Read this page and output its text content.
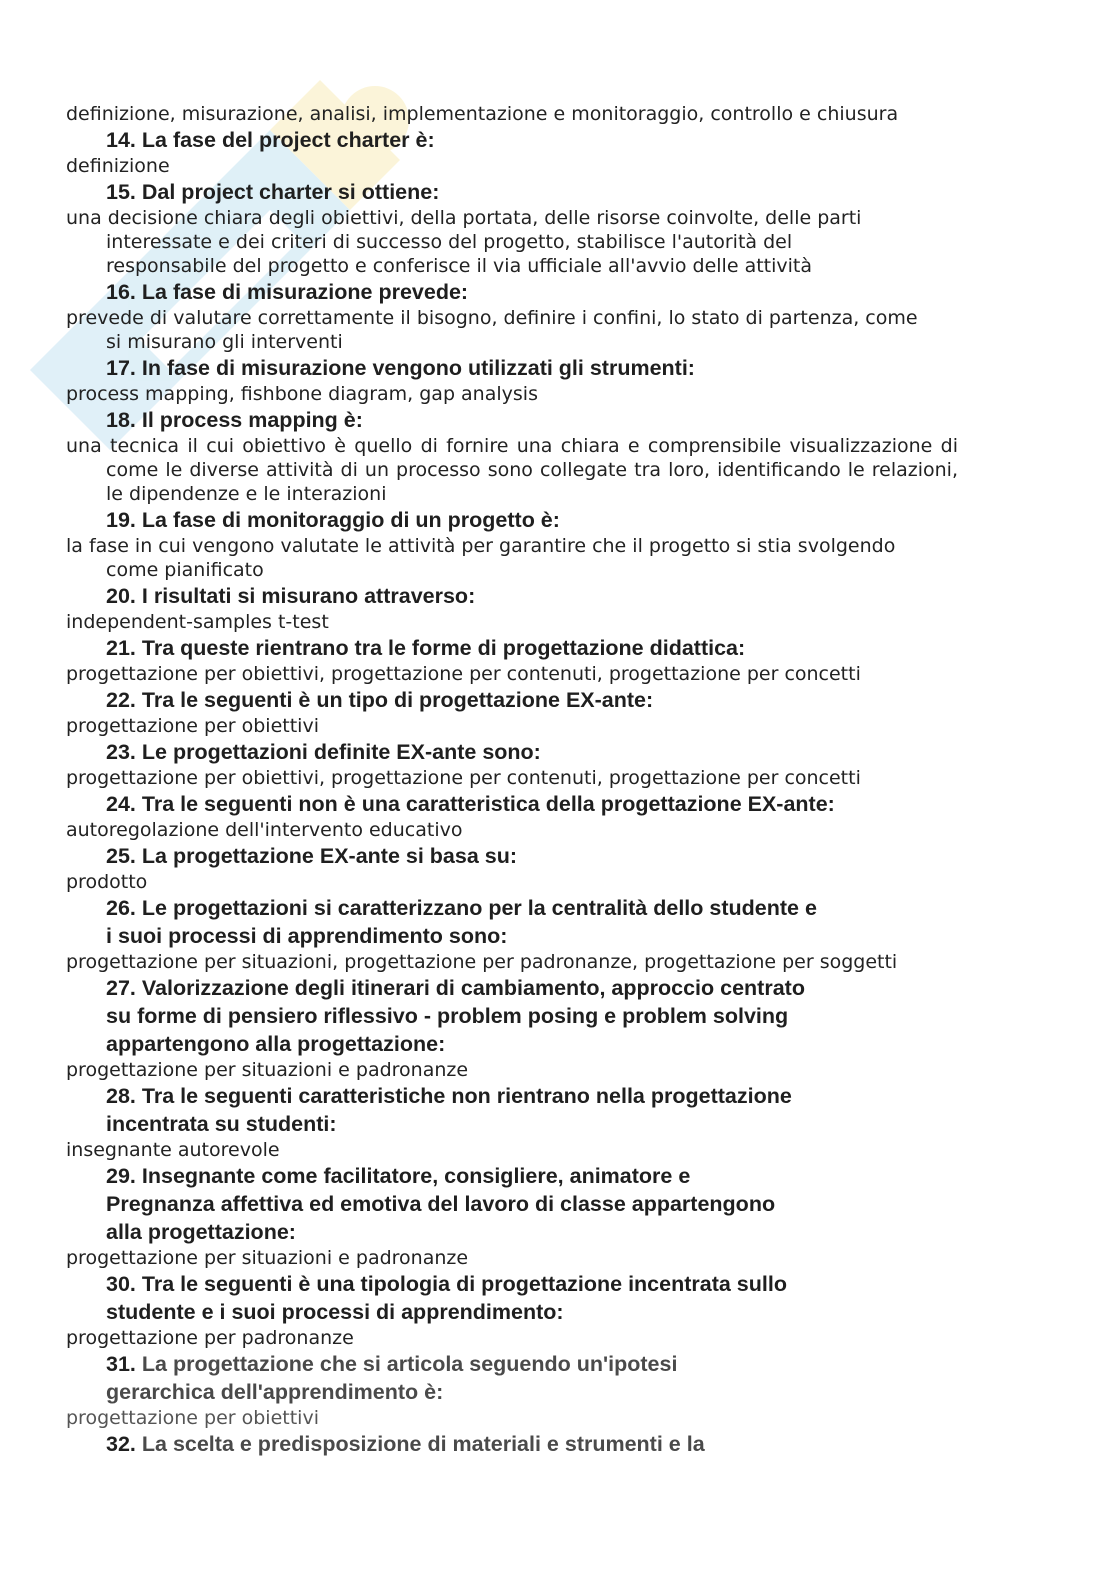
definizione, misurazione, analisi, implementazione e monitoraggio, controllo e chiusura

14. La fase del project charter è:

definizione

15. Dal project charter si ottiene:

una decisione chiara degli obiettivi, della portata, delle risorse coinvolte, delle parti interessate e dei criteri di successo del progetto, stabilisce l'autorità del responsabile del progetto e conferisce il via ufficiale all'avvio delle attività

16. La fase di misurazione prevede:

prevede di valutare correttamente il bisogno, definire i confini, lo stato di partenza, come si misurano gli interventi

17. In fase di misurazione vengono utilizzati gli strumenti:

process mapping, fishbone diagram, gap analysis

18. Il process mapping è:

una tecnica il cui obiettivo è quello di fornire una chiara e comprensibile visualizzazione di come le diverse attività di un processo sono collegate tra loro, identificando le relazioni, le dipendenze e le interazioni

19. La fase di monitoraggio di un progetto è:

la fase in cui vengono valutate le attività per garantire che il progetto si stia svolgendo come pianificato

20. I risultati si misurano attraverso:

independent-samples t-test

21. Tra queste rientrano tra le forme di progettazione didattica:

progettazione per obiettivi, progettazione per contenuti, progettazione per concetti

22. Tra le seguenti è un tipo di progettazione EX-ante:

progettazione per obiettivi

23. Le progettazioni definite EX-ante sono:

progettazione per obiettivi, progettazione per contenuti, progettazione per concetti

24. Tra le seguenti non è una caratteristica della progettazione EX-ante:

autoregolazione dell'intervento educativo

25. La progettazione EX-ante si basa su:

prodotto

26. Le progettazioni si caratterizzano per la centralità dello studente e
i suoi processi di apprendimento sono:

progettazione per situazioni, progettazione per padronanze, progettazione per soggetti

27. Valorizzazione degli itinerari di cambiamento, approccio centrato
su forme di pensiero riflessivo - problem posing e problem solving
appartengono alla progettazione:

progettazione per situazioni e padronanze

28. Tra le seguenti caratteristiche non rientrano nella progettazione
incentrata su studenti:

insegnante autorevole

29. Insegnante come facilitatore, consigliere, animatore e
Pregnanza affettiva ed emotiva del lavoro di classe appartengono
alla progettazione:

progettazione per situazioni e padronanze

30. Tra le seguenti è una tipologia di progettazione incentrata sullo
studente e i suoi processi di apprendimento:

progettazione per padronanze

31. La progettazione che si articola seguendo un'ipotesi
gerarchica dell'apprendimento è:

progettazione per obiettivi

32. La scelta e predisposizione di materiali e strumenti e la
